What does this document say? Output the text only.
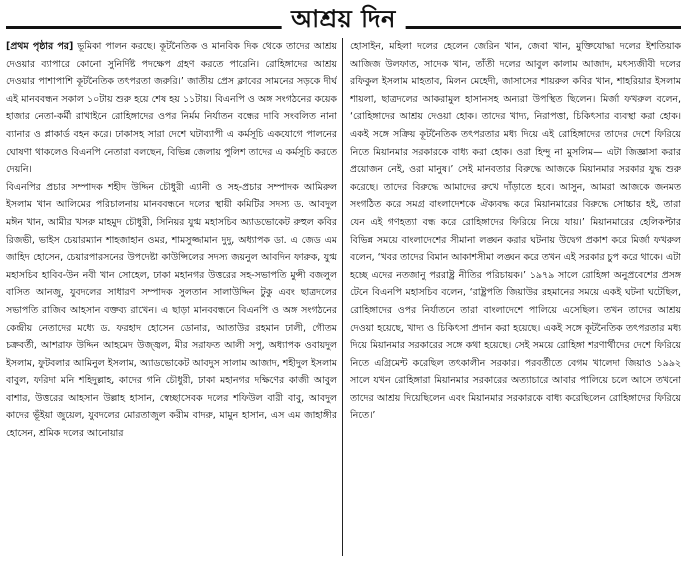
আশ্রয় দিন

[প্রথম পৃষ্ঠার পর] ভূমিকা পালন করছে। কূটনৈতিক ও মানবিক দিক থেকে তাদের আশ্রয় দেওয়ার ব্যাপারে কোনো সুনির্দিষ্ট পদক্ষেপ গ্রহণ করতে পারেনি। রোহিঙ্গাদের আশ্রয় দেওয়ার পাশাপাশি কূটনৈতিক তৎপরতা জরুরি।’ জাতীয় প্রেস ক্লাবের সামনের সড়কে দীর্ঘ এই মানববন্ধন সকাল ১০টায় শুরু হয়ে শেষ হয় ১১টায়। বিএনপি ও অঙ্গ সংগঠনের কয়েক হাজার নেতা-কর্মী রাখাইনে রোহিঙ্গাদের ওপর নির্মম নির্যাতন বন্ধের দাবি সংবলিত নানা ব্যানার ও প্লাকার্ড বহন করে। ঢাকাসহ সারা দেশে ঘটাব্যাপী এ কর্মসূচি একযোগে পালনের ঘোষণা থাকলেও বিএনপি নেতারা বলছেন, বিভিন্ন জেলায় পুলিশ তাদের এ কর্মসূচি করতে দেয়নি।

বিএনপির প্রচার সম্পাদক শহীদ উদ্দিন চৌধুরী এ্যানী ও সহ-প্রচার সম্পাদক আমিরুল ইসলাম খান আলিমের পরিচালনায় মানববন্ধনে দলের স্থায়ী কমিটির সদস্য ড. আবদুল মঈন খান, আমীর খসরু মাহমুদ চৌধুরী, সিনিয়র যুগ্ম মহাসচিব অ্যাডভোকেট রুহুল কবির রিজভী, ভাইস চেয়ারম্যান শাহজাহান ওমর, শামসুজ্জামান দুদু, অধ্যাপক ডা. এ জেড এম জাহিদ হোসেন, চেয়ারপারসনের উপদেষ্টা কাউন্সিলের সদস্য জয়নুল আবদিন ফারুক, যুগ্ম মহাসচিব হাবিব-উন নবী খান সোহেল, ঢাকা মহানগর উত্তরের সহ-সভাপতি মুন্সী বজলুল বাসিত আনজু, যুবদলের সাধারণ সম্পাদক সুলতান সালাউদ্দিন টুকু এবং ছাত্রদলের সভাপতি রাজিব আহসান বক্তব্য রাখেন। এ ছাড়া মানববন্ধনে বিএনপি ও অঙ্গ সংগঠনের কেন্দ্রীয় নেতাদের মধ্যে ড. ফরহাদ হোসেন ডোনার, আতাউর রহমান ঢালী, গৌতম চক্রবর্তী, আশরাফ উদ্দিন আহমেদ উজ্জ্বল, মীর সরাফত আলী সপু, অধ্যাপক ওবায়দুল ইসলাম, ফুটবলার আমিনুল ইসলাম, অ্যাডভোকেট আবদুস সালাম আজাদ, শহীদুল ইসলাম বাবুল, ফরিদা মনি শহিদুল্লাহ, কাদের গনি চৌধুরী, ঢাকা মহানগর দক্ষিণের কাজী আবুল বাশার, উত্তরের আহসান উল্লাহ হাসান, স্বেচ্ছাসেবক দলের শফিউল বারী বাবু, আবদুল কাদের ভূঁইয়া জুয়েল, যুবদলের মোরতাজুল করীম বাদরু, মামুন হাসান, এস এম জাহাঙ্গীর হোসেন, শ্রমিক দলের আনোয়ার

হোসাইন, মহিলা দলের হেলেন জেরিন খান, জেবা খান, মুক্তিযোদ্ধা দলের ইশতিয়াক আজিজ উলফাত, সাদেক খান, তাঁতী দলের আবুল কালাম আজাদ, মৎস্যজীবী দলের রফিকুল ইসলাম মাহতাব, মিলন মেহেদী, জাসাসের শায়রুল কবির খান, শাহরিয়ার ইসলাম শায়লা, ছাত্রদলের আকরামুল হাসানসহ অন্যরা উপস্থিত ছিলেন। মির্জা ফখরুল বলেন, ‘রোহিঙ্গাদের আশ্রয় দেওয়া হোক। তাদের খাদ্য, নিরাপত্তা, চিকিৎসার ব্যবস্থা করা হোক। একই সঙ্গে সক্রিয় কূটনৈতিক তৎপরতার মধ্য দিয়ে এই রোহিঙ্গাদের তাদের দেশে ফিরিয়ে নিতে মিয়ানমার সরকারকে বাধ্য করা হোক। ওরা হিন্দু না মুসলিম— এটা জিজ্ঞাসা করার প্রয়োজন নেই, ওরা মানুষ।’ সেই মানবতার বিরুদ্ধে আজকে মিয়ানমার সরকার যুদ্ধ শুরু করেছে। তাদের বিরুদ্ধে আমাদের রুখে দাঁড়াতে হবে। আসুন, আমরা আজকে জনমত সংগঠিত করে সমগ্র বাংলাদেশকে ঐক্যবদ্ধ করে মিয়ানমারের বিরুদ্ধে সোচ্চার হই, তারা যেন এই গণহত্যা বন্ধ করে রোহিঙ্গাদের ফিরিয়ে নিয়ে যায়।’ মিয়ানমারের হেলিকপ্টার বিভিন্ন সময়ে বাংলাদেশের সীমানা লঙ্ঘন করার ঘটনায় উদ্বেগ প্রকাশ করে মির্জা ফখরুল বলেন, ‘খবর তাদের বিমান আকাশসীমা লঙ্ঘন করে তখন এই সরকার চুপ করে থাকে। এটা হচ্ছে এদের নতজানু পররাষ্ট্র নীতির পরিচায়ক।’ ১৯৭৯ সালে রোহিঙ্গা অনুপ্রবেশের প্রসঙ্গ টেনে বিএনপি মহাসচিব বলেন, ‘রাষ্ট্রপতি জিয়াউর রহমানের সময়ে একই ঘটনা ঘটেছিল, রোহিঙ্গাদের ওপর নির্যাতনে তারা বাংলাদেশে পালিয়ে এসেছিল। তখন তাদের আশ্রয় দেওয়া হয়েছে, খাদ্য ও চিকিৎসা প্রদান করা হয়েছে। একই সঙ্গে কূটনৈতিক তৎপরতার মধ্য দিয়ে মিয়ানমার সরকারের সঙ্গে কথা হয়েছে। সেই সময়ে রোহিঙ্গা শরণার্থীদের দেশে ফিরিয়ে নিতে এগ্রিমেন্ট করেছিল তৎকালীন সরকার। পরবর্তীতে বেগম খালেদা জিয়াও ১৯৯২ সালে যখন রোহিঙ্গারা মিয়ানমার সরকারের অত্যাচারে আবার পালিয়ে চলে আসে তখনো তাদের আশ্রয় দিয়েছিলেন এবং মিয়ানমার সরকারকে বাধ্য করেছিলেন রোহিঙ্গাদের ফিরিয়ে নিতে।’
